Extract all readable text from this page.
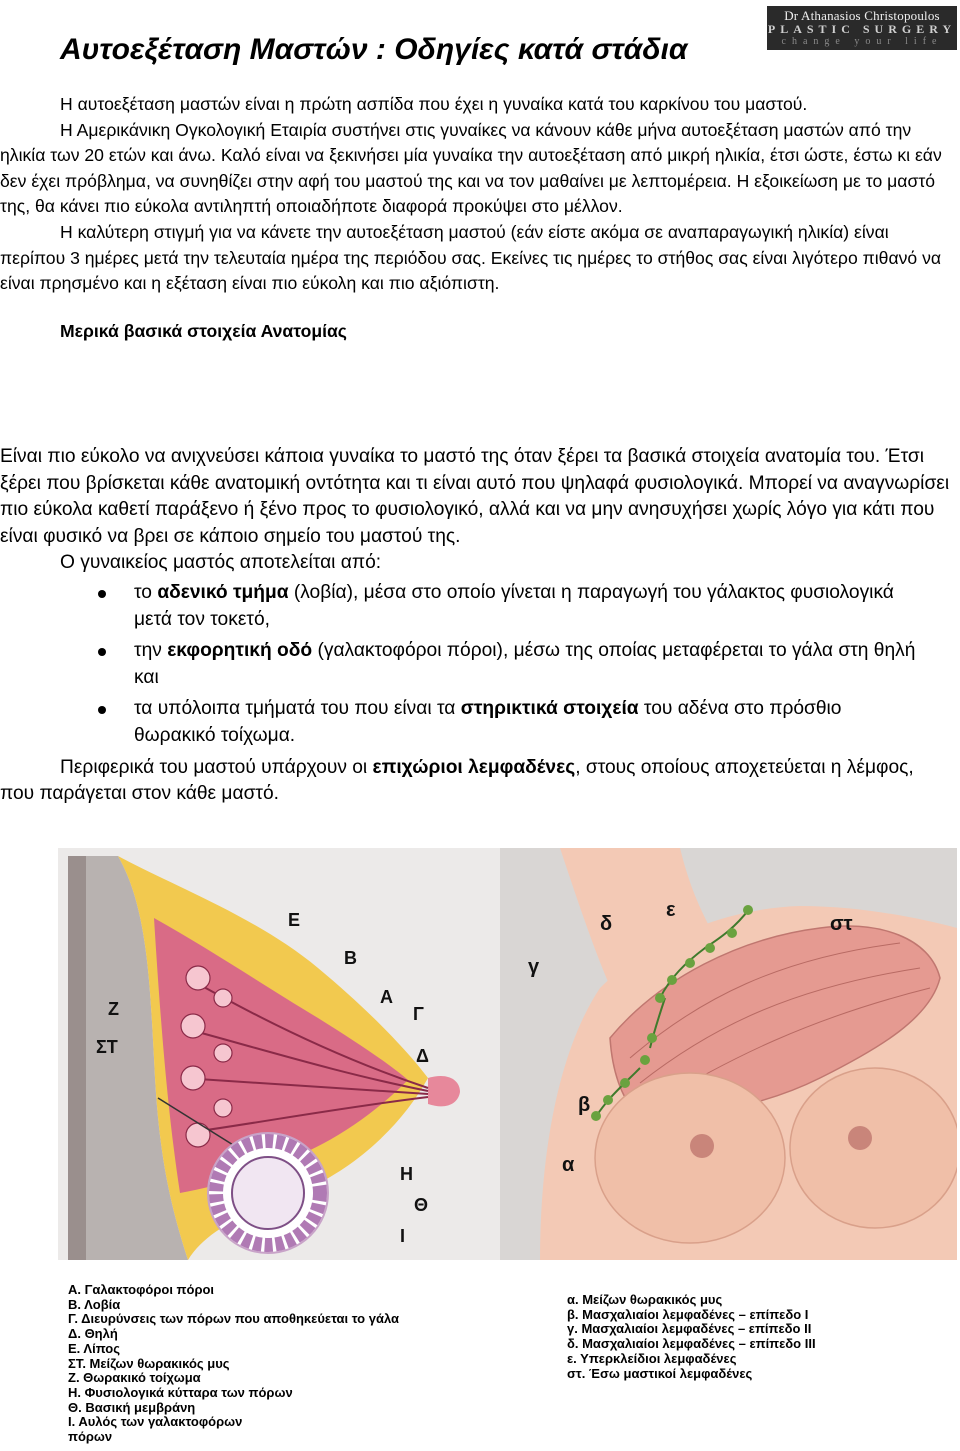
Dr Athanasios Christopoulos
PLASTIC SURGERY
change your life
Αυτοεξέταση Μαστών : Οδηγίες κατά στάδια

Η αυτοεξέταση μαστών είναι η πρώτη ασπίδα που έχει η γυναίκα κατά του καρκίνου του μαστού.

Η Αμερικάνικη Ογκολογική Εταιρία συστήνει στις γυναίκες να κάνουν κάθε μήνα αυτοεξέταση μαστών από την ηλικία των 20 ετών και άνω. Καλό είναι να ξεκινήσει μία γυναίκα την αυτοεξέταση από μικρή ηλικία, έτσι ώστε, έστω κι εάν δεν έχει πρόβλημα, να συνηθίζει στην αφή του μαστού της και να τον μαθαίνει με λεπτομέρεια. Η εξοικείωση με το μαστό της, θα κάνει πιο εύκολα αντιληπτή οποιαδήποτε διαφορά προκύψει στο μέλλον.

Η καλύτερη στιγμή για να κάνετε την αυτοεξέταση μαστού (εάν είστε ακόμα σε αναπαραγωγική ηλικία) είναι περίπου 3 ημέρες μετά την τελευταία ημέρα της περιόδου σας. Εκείνες τις ημέρες το στήθος σας είναι λιγότερο πιθανό να είναι πρησμένο και η εξέταση είναι πιο εύκολη και πιο αξιόπιστη.

Μερικά βασικά στοιχεία Ανατομίας

Είναι πιο εύκολο να ανιχνεύσει κάποια γυναίκα το μαστό της όταν ξέρει τα βασικά στοιχεία ανατομία του. Έτσι ξέρει που βρίσκεται κάθε ανατομική οντότητα και τι είναι αυτό που ψηλαφά φυσιολογικά. Μπορεί να αναγνωρίσει πιο εύκολα καθετί παράξενο ή ξένο προς το φυσιολογικό, αλλά και να μην ανησυχήσει χωρίς λόγο για κάτι που είναι φυσικό να βρει σε κάποιο σημείο του μαστού της.

Ο γυναικείος μαστός αποτελείται από:

το αδενικό τμήμα (λοβία), μέσα στο οποίο γίνεται η παραγωγή του γάλακτος φυσιολογικά μετά τον τοκετό,
την εκφορητική οδό (γαλακτοφόροι πόροι), μέσω της οποίας μεταφέρεται το γάλα στη θηλή και
τα υπόλοιπα τμήματά του που είναι τα στηρικτικά στοιχεία του αδένα στο πρόσθιο θωρακικό τοίχωμα.

Περιφερικά του μαστού υπάρχουν οι επιχώριοι λεμφαδένες, στους οποίους αποχετεύεται η λέμφος, που παράγεται στον κάθε μαστό.

Ε
Β
Α
Γ
Δ
Ζ
ΣΤ
Η
Θ
Ι
δ
ε
στ
γ
β
α
Α. Γαλακτοφόροι πόροι
Β. Λοβία
Γ. Διευρύνσεις των πόρων που αποθηκεύεται το γάλα
Δ. Θηλή
Ε. Λίπος
ΣΤ. Μείζων θωρακικός μυς
Ζ. Θωρακικό τοίχωμα
Η. Φυσιολογικά κύτταρα των πόρων
Θ. Βασική μεμβράνη
Ι. Αυλός των γαλακτοφόρων
πόρων
α. Μείζων θωρακικός μυς
β. Μασχαλιαίοι λεμφαδένες – επίπεδο I
γ. Μασχαλιαίοι λεμφαδένες – επίπεδο II
δ. Μασχαλιαίοι λεμφαδένες – επίπεδο III
ε. Υπερκλείδιοι λεμφαδένες
στ. Έσω μαστικοί λεμφαδένες
